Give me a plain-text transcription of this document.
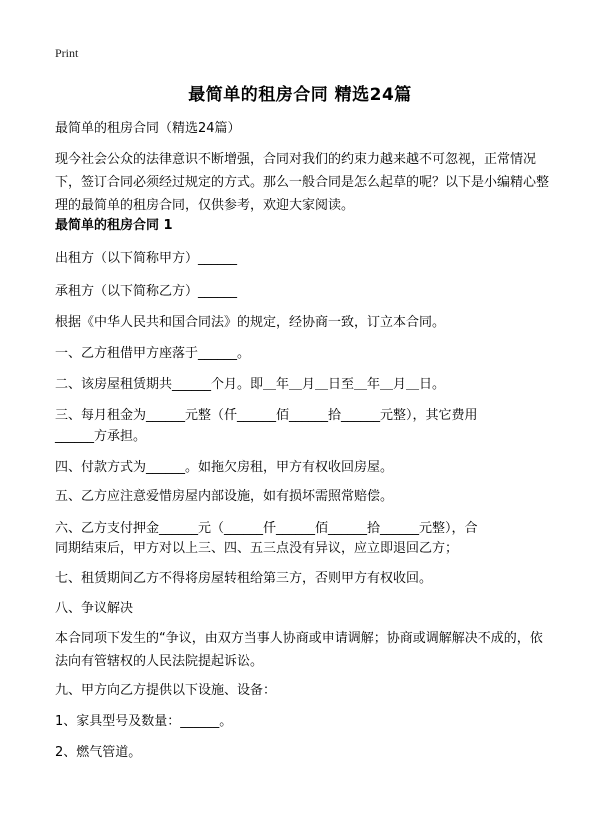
Print
最简单的租房合同 精选24篇
最简单的租房合同（精选24篇）
现今社会公众的法律意识不断增强，合同对我们的约束力越来越不可忽视，正常情况下，签订合同必须经过规定的方式。那么一般合同是怎么起草的呢？以下是小编精心整理的最简单的租房合同，仅供参考，欢迎大家阅读。
最简单的租房合同 1
出租方（以下简称甲方）______
承租方（以下简称乙方）______
根据《中华人民共和国合同法》的规定，经协商一致，订立本合同。
一、乙方租借甲方座落于______。
二、该房屋租赁期共______个月。即＿年＿月＿日至＿年＿月＿日。
三、每月租金为______元整（仟______佰______拾______元整），其它费用
______方承担。
四、付款方式为______。如拖欠房租，甲方有权收回房屋。
五、乙方应注意爱惜房屋内部设施，如有损坏需照常赔偿。
六、乙方支付押金______元（______仟______佰______拾______元整），合
同期结束后，甲方对以上三、四、五三点没有异议，应立即退回乙方；
七、租赁期间乙方不得将房屋转租给第三方，否则甲方有权收回。
八、争议解决
本合同项下发生的“争议，由双方当事人协商或申请调解；协商或调解解决不成的，依法向有管辖权的人民法院提起诉讼。
九、甲方向乙方提供以下设施、设备：
1、家具型号及数量：______。
2、燃气管道。
